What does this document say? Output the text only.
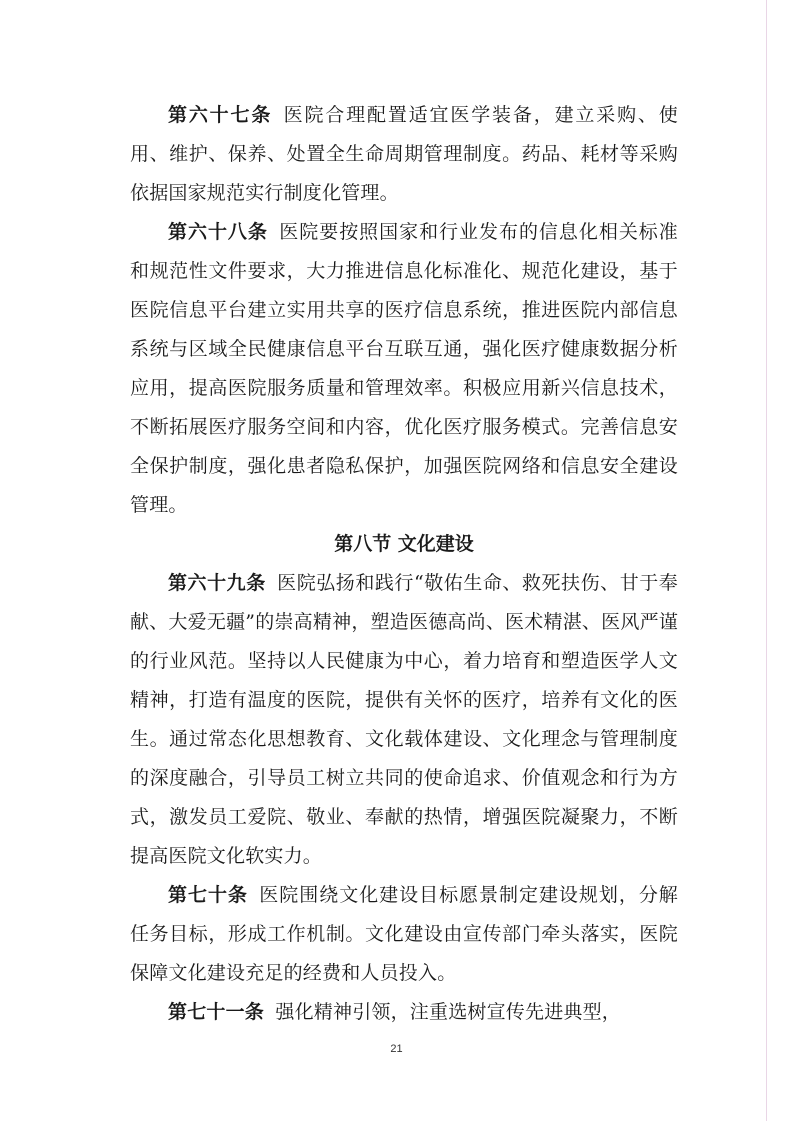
第六十七条 医院合理配置适宜医学装备，建立采购、使用、维护、保养、处置全生命周期管理制度。药品、耗材等采购依据国家规范实行制度化管理。

第六十八条 医院要按照国家和行业发布的信息化相关标准和规范性文件要求，大力推进信息化标准化、规范化建设，基于医院信息平台建立实用共享的医疗信息系统，推进医院内部信息系统与区域全民健康信息平台互联互通，强化医疗健康数据分析应用，提高医院服务质量和管理效率。积极应用新兴信息技术，不断拓展医疗服务空间和内容，优化医疗服务模式。完善信息安全保护制度，强化患者隐私保护，加强医院网络和信息安全建设管理。

第八节 文化建设

第六十九条 医院弘扬和践行“敬佑生命、救死扶伤、甘于奉献、大爱无疆”的崇高精神，塑造医德高尚、医术精湛、医风严谨的行业风范。坚持以人民健康为中心，着力培育和塑造医学人文精神，打造有温度的医院，提供有关怀的医疗，培养有文化的医生。通过常态化思想教育、文化载体建设、文化理念与管理制度的深度融合，引导员工树立共同的使命追求、价值观念和行为方式，激发员工爱院、敬业、奉献的热情，增强医院凝聚力，不断提高医院文化软实力。

第七十条 医院围绕文化建设目标愿景制定建设规划，分解任务目标，形成工作机制。文化建设由宣传部门牵头落实，医院保障文化建设充足的经费和人员投入。

第七十一条 强化精神引领，注重选树宣传先进典型，

21
